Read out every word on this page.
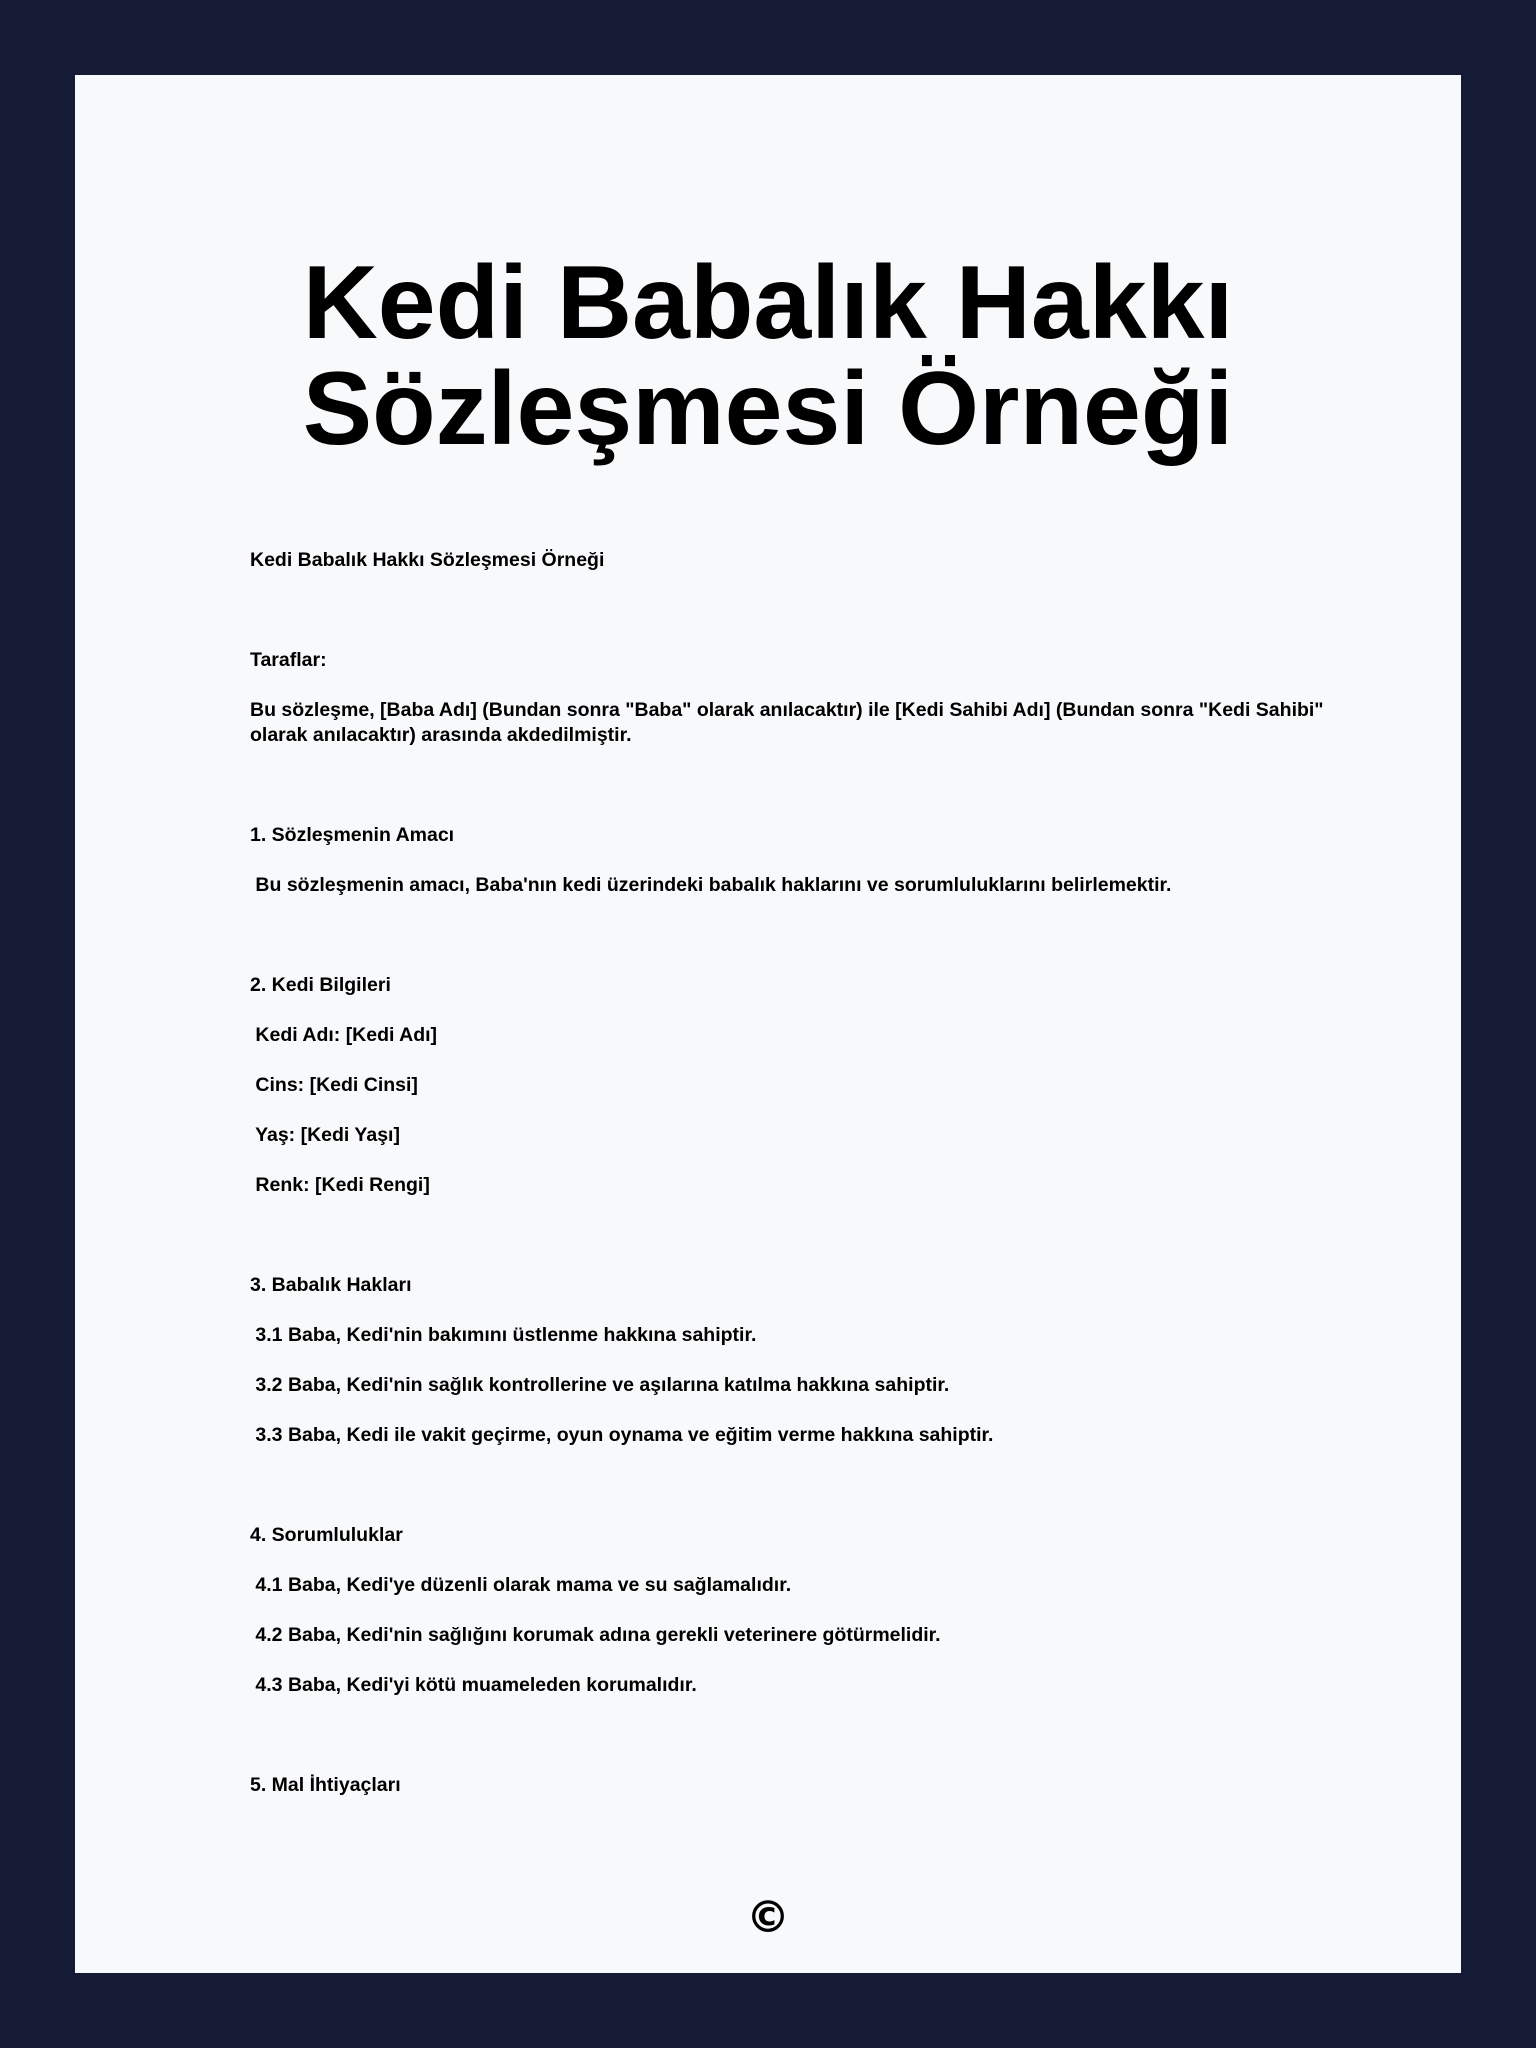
Kedi Babalık Hakkı
Sözleşmesi Örneği
Kedi Babalık Hakkı Sözleşmesi Örneği
Taraflar:
Bu sözleşme, [Baba Adı] (Bundan sonra "Baba" olarak anılacaktır) ile [Kedi Sahibi Adı] (Bundan sonra "Kedi Sahibi" olarak anılacaktır) arasında akdedilmiştir.
1. Sözleşmenin Amacı
Bu sözleşmenin amacı, Baba'nın kedi üzerindeki babalık haklarını ve sorumluluklarını belirlemektir.
2. Kedi Bilgileri
Kedi Adı: [Kedi Adı]
Cins: [Kedi Cinsi]
Yaş: [Kedi Yaşı]
Renk: [Kedi Rengi]
3. Babalık Hakları
3.1 Baba, Kedi'nin bakımını üstlenme hakkına sahiptir.
3.2 Baba, Kedi'nin sağlık kontrollerine ve aşılarına katılma hakkına sahiptir.
3.3 Baba, Kedi ile vakit geçirme, oyun oynama ve eğitim verme hakkına sahiptir.
4. Sorumluluklar
4.1 Baba, Kedi'ye düzenli olarak mama ve su sağlamalıdır.
4.2 Baba, Kedi'nin sağlığını korumak adına gerekli veterinere götürmelidir.
4.3 Baba, Kedi'yi kötü muameleden korumalıdır.
5. Mal İhtiyaçları
©
